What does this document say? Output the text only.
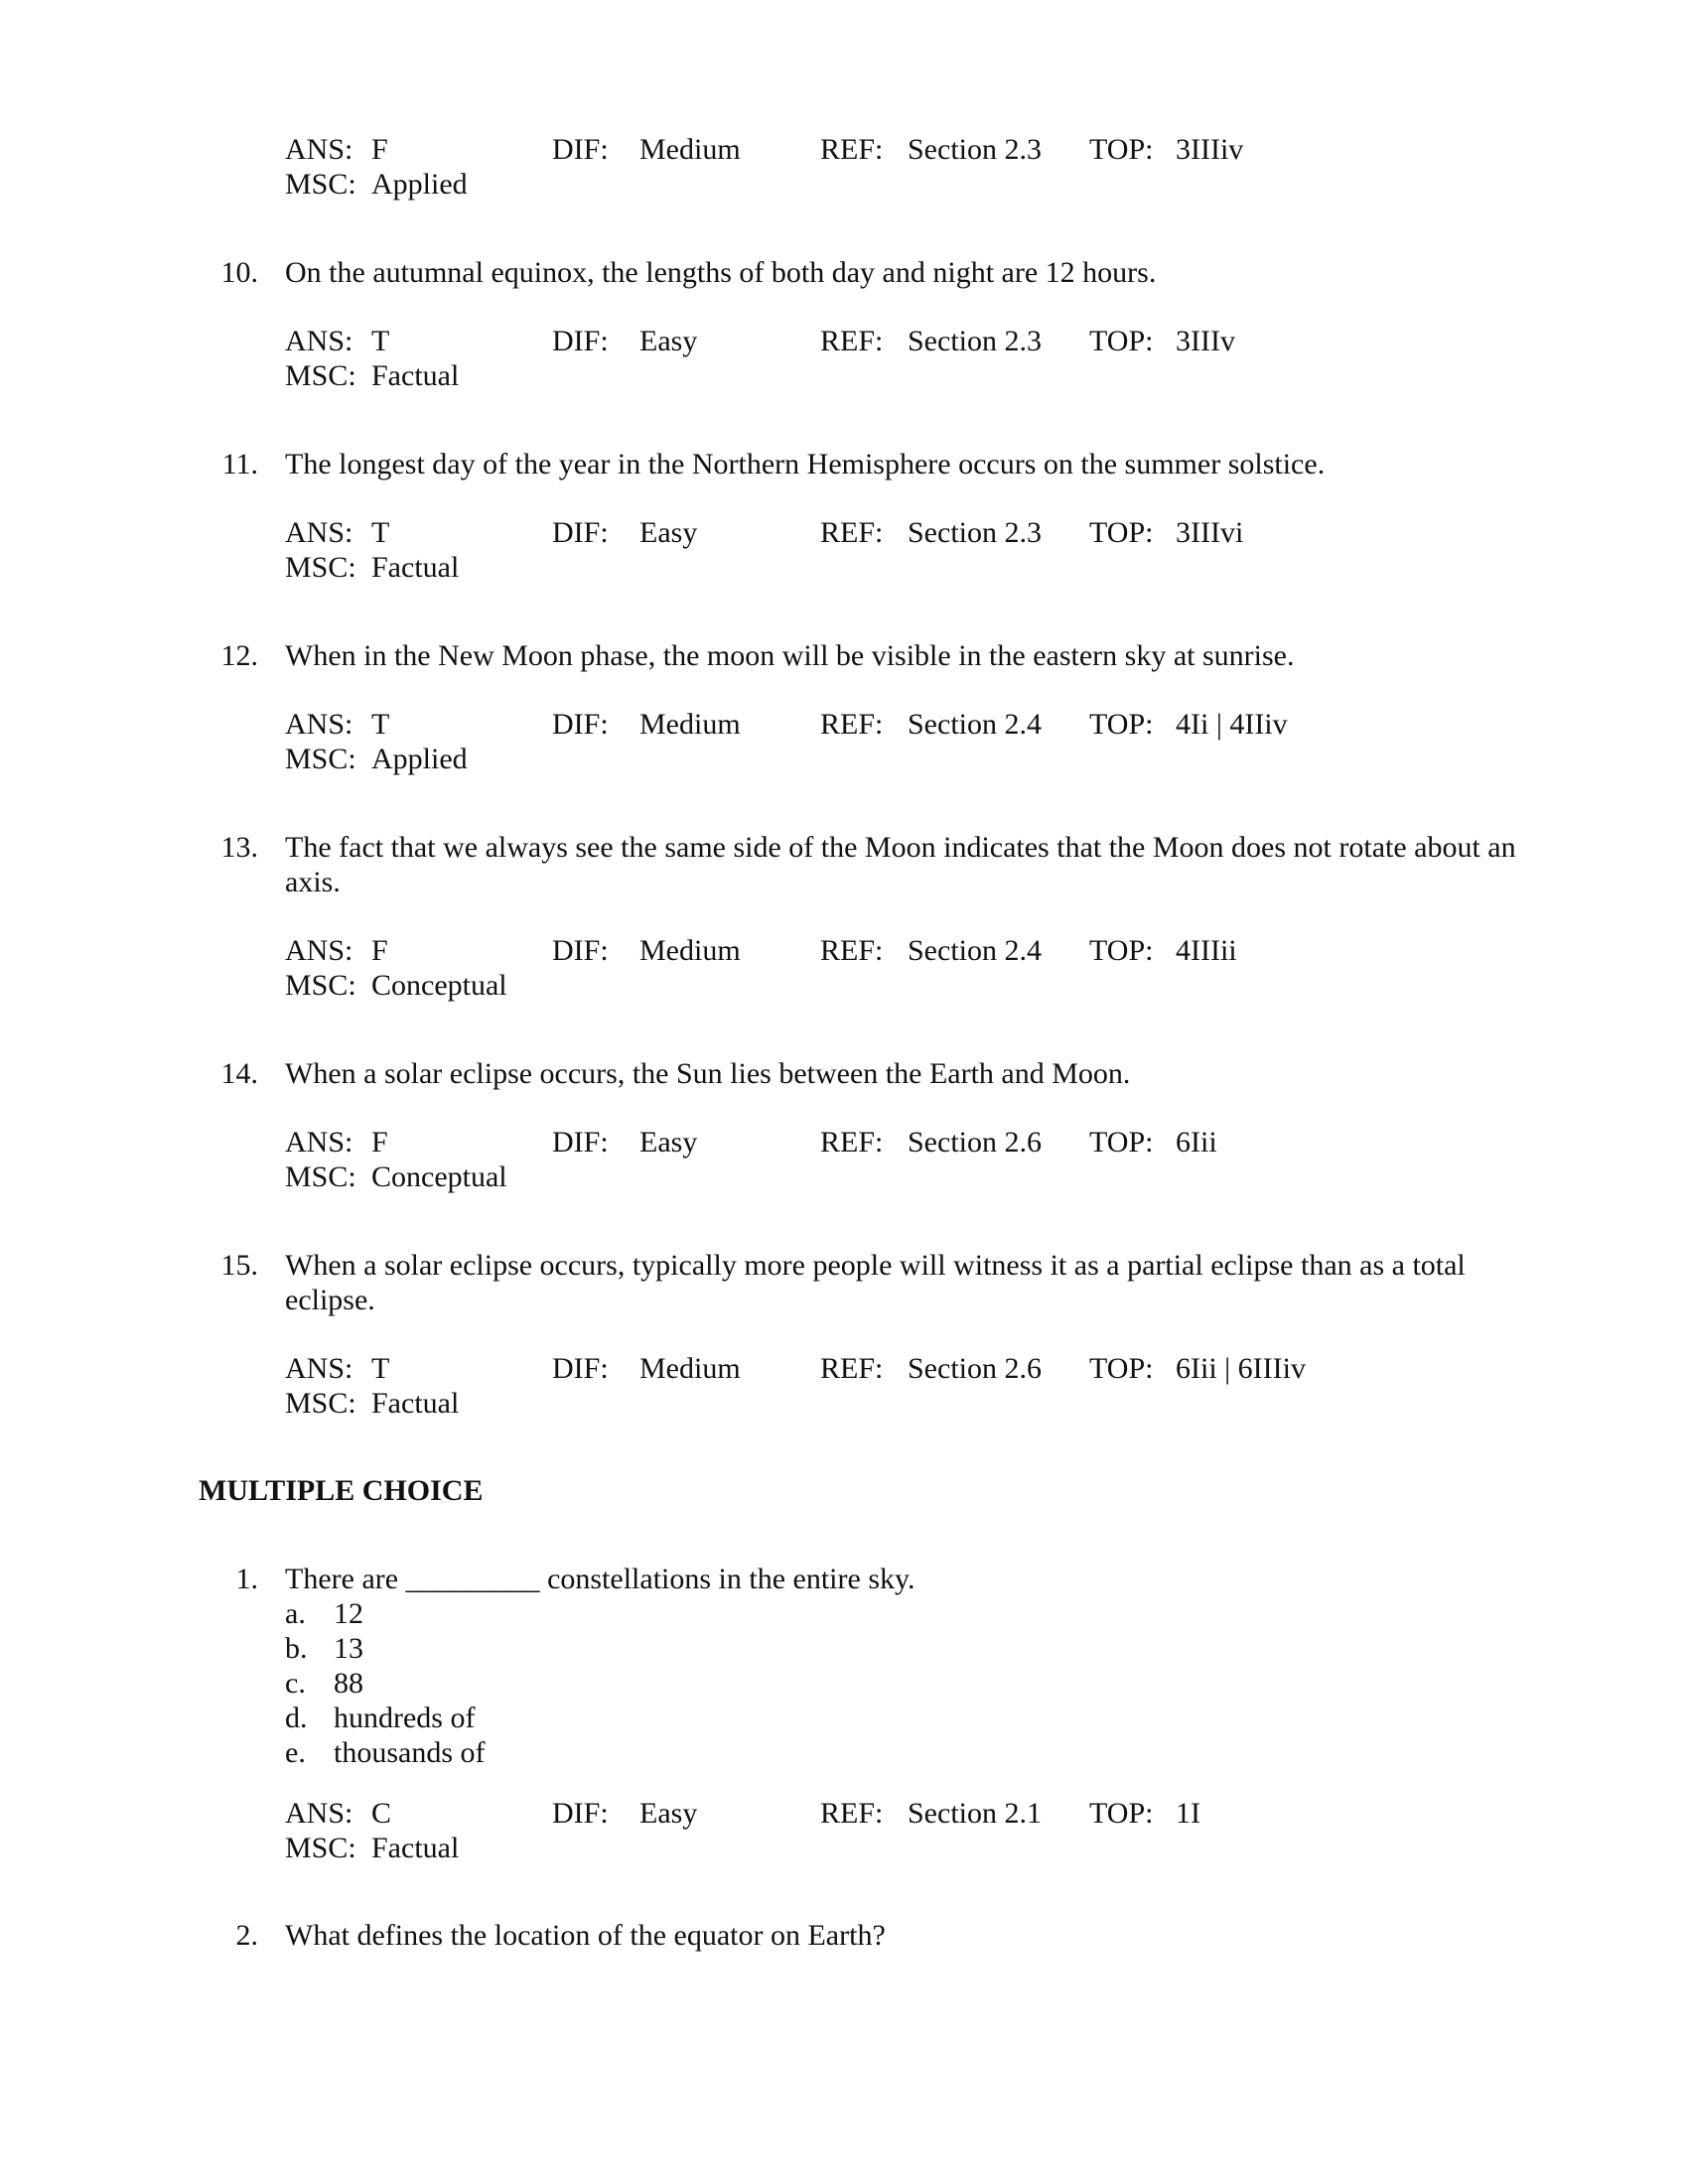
ANS: F	DIF: Medium	REF: Section 2.3 TOP: 3IIIiv
MSC: Applied
10. On the autumnal equinox, the lengths of both day and night are 12 hours.
ANS: T	DIF: Easy	REF: Section 2.3 TOP: 3IIIv
MSC: Factual
11. The longest day of the year in the Northern Hemisphere occurs on the summer solstice.
ANS: T	DIF: Easy	REF: Section 2.3 TOP: 3IIIvi
MSC: Factual
12. When in the New Moon phase, the moon will be visible in the eastern sky at sunrise.
ANS: T	DIF: Medium	REF: Section 2.4 TOP: 4Ii | 4IIiv
MSC: Applied
13. The fact that we always see the same side of the Moon indicates that the Moon does not rotate about an axis.
ANS: F	DIF: Medium	REF: Section 2.4 TOP: 4IIIii
MSC: Conceptual
14. When a solar eclipse occurs, the Sun lies between the Earth and Moon.
ANS: F	DIF: Easy	REF: Section 2.6 TOP: 6Iii
MSC: Conceptual
15. When a solar eclipse occurs, typically more people will witness it as a partial eclipse than as a total eclipse.
ANS: T	DIF: Medium	REF: Section 2.6 TOP: 6Iii | 6IIIiv
MSC: Factual
MULTIPLE CHOICE
1. There are _________ constellations in the entire sky.
a. 12
b. 13
c. 88
d. hundreds of
e. thousands of
ANS: C	DIF: Easy	REF: Section 2.1 TOP: 1I
MSC: Factual
2. What defines the location of the equator on Earth?
